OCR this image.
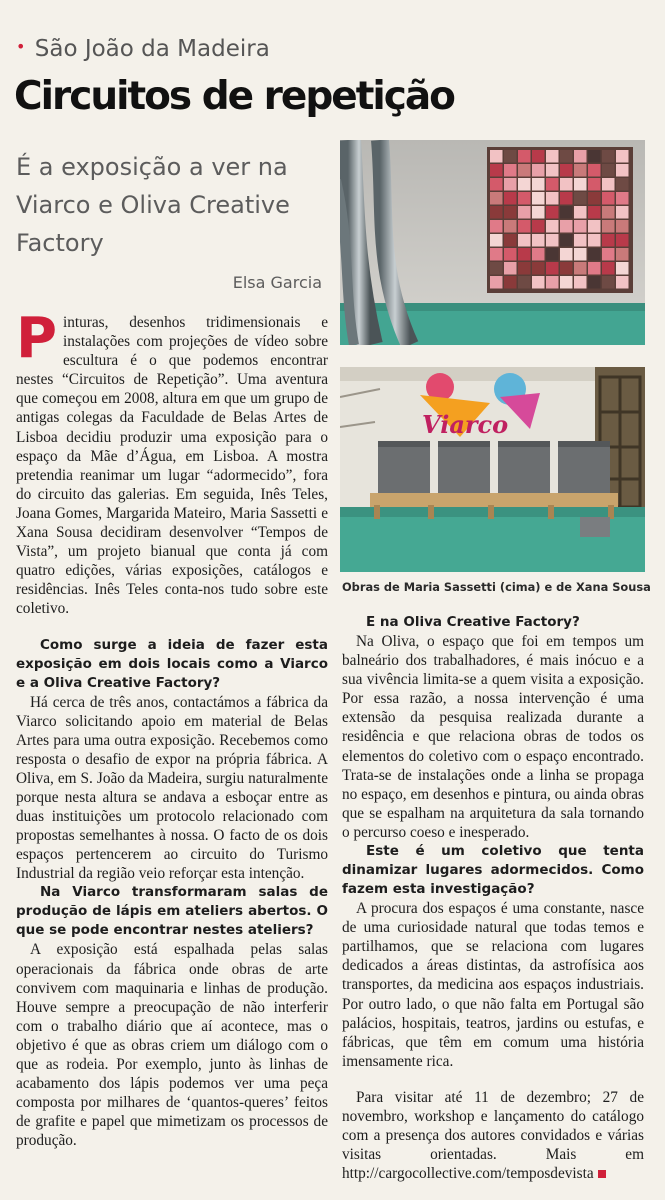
• São João da Madeira
Circuitos de repetição
É a exposição a ver na Viarco e Oliva Creative Factory
Elsa Garcia
Viarco
Obras de Maria Sassetti (cima) e de Xana Sousa

Pinturas, desenhos tridimensionais e instalações com projeções de vídeo sobre escultura é o que podemos encontrar nestes “Circuitos de Repetição”. Uma aventura que começou em 2008, altura em que um grupo de antigas colegas da Faculdade de Belas Artes de Lisboa decidiu produzir uma exposição para o espaço da Mãe d’Água, em Lisboa. A mostra pretendia reanimar um lugar “adormecido”, fora do circuito das galerias. Em seguida, Inês Teles, Joana Gomes, Margarida Mateiro, Maria Sassetti e Xana Sousa decidiram desenvolver “Tempos de Vista”, um projeto bianual que conta já com quatro edições, várias exposições, catálogos e residências. Inês Teles conta-nos tudo sobre este coletivo.

Como surge a ideia de fazer esta exposição em dois locais como a Viarco e a Oliva Creative Factory?

Há cerca de três anos, contactámos a fábrica da Viarco solicitando apoio em material de Belas Artes para uma outra exposição. Recebemos como resposta o desafio de expor na própria fábrica. A Oliva, em S. João da Madeira, surgiu naturalmente porque nesta altura se andava a esboçar entre as duas instituições um protocolo relacionado com propostas semelhantes à nossa. O facto de os dois espaços pertencerem ao circuito do Turismo Industrial da região veio reforçar esta intenção.

Na Viarco transformaram salas de produção de lápis em ateliers abertos. O que se pode encontrar nestes ateliers?

A exposição está espalhada pelas salas operacionais da fábrica onde obras de arte convivem com maquinaria e linhas de produção. Houve sempre a preocupação de não interferir com o trabalho diário que aí acontece, mas o objetivo é que as obras criem um diálogo com o que as rodeia. Por exemplo, junto às linhas de acabamento dos lápis podemos ver uma peça composta por milhares de ‘quantos-queres’ feitos de grafite e papel que mimetizam os processos de produção.

E na Oliva Creative Factory?

Na Oliva, o espaço que foi em tempos um balneário dos trabalhadores, é mais inócuo e a sua vivência limita-se a quem visita a exposição. Por essa razão, a nossa intervenção é uma extensão da pesquisa realizada durante a residência e que relaciona obras de todos os elementos do coletivo com o espaço encontrado. Trata-se de instalações onde a linha se propaga no espaço, em desenhos e pintura, ou ainda obras que se espalham na arquitetura da sala tornando o percurso coeso e inesperado.

Este é um coletivo que tenta dinamizar lugares adormecidos. Como fazem esta investigação?

A procura dos espaços é uma constante, nasce de uma curiosidade natural que todas temos e partilhamos, que se relaciona com lugares dedicados a áreas distintas, da astrofísica aos transportes, da medicina aos espaços industriais. Por outro lado, o que não falta em Portugal são palácios, hospitais, teatros, jardins ou estufas, e fábricas, que têm em comum uma história imensamente rica.

Para visitar até 11 de dezembro; 27 de novembro, workshop e lançamento do catálogo com a presença dos autores convidados e várias visitas orientadas. Mais em http://cargocollective.com/temposdevista
